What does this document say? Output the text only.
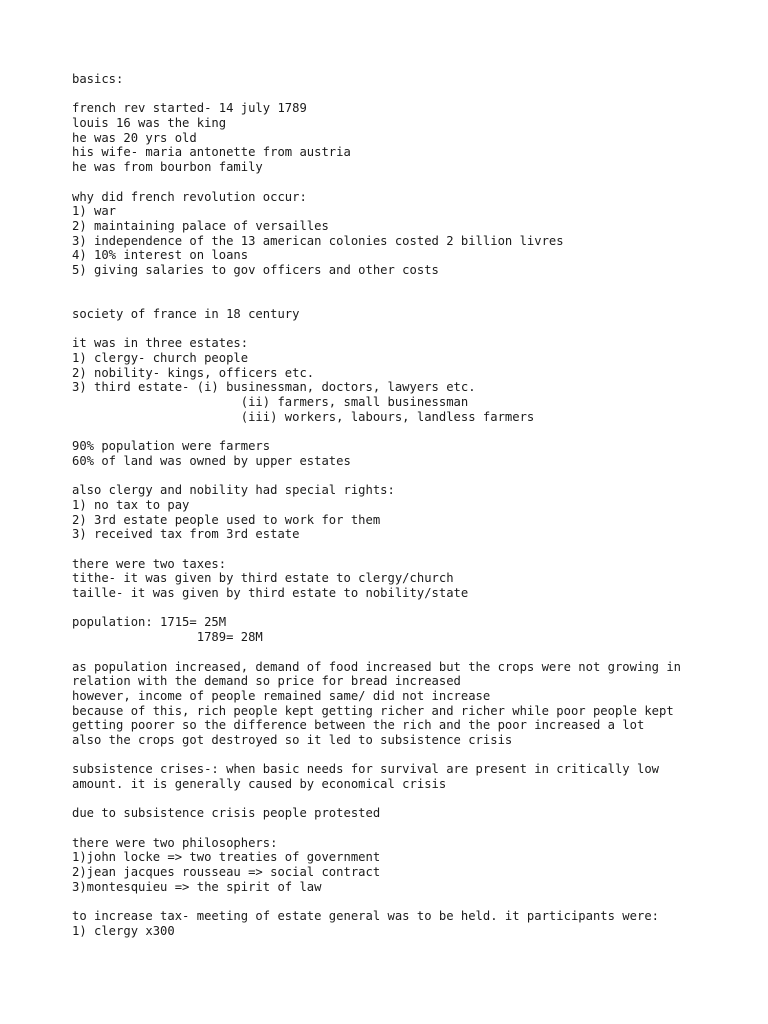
basics:
french rev started- 14 july 1789
louis 16 was the king
he was 20 yrs old
his wife- maria antonette from austria
he was from bourbon family
why did french revolution occur:
1) war
2) maintaining palace of versailles
3) independence of the 13 american colonies costed 2 billion livres
4) 10% interest on loans
5) giving salaries to gov officers and other costs
society of france in 18 century
it was in three estates:
1) clergy- church people
2) nobility- kings, officers etc.
3) third estate- (i) businessman, doctors, lawyers etc.
(ii) farmers, small businessman
(iii) workers, labours, landless farmers
90% population were farmers
60% of land was owned by upper estates
also clergy and nobility had special rights:
1) no tax to pay
2) 3rd estate people used to work for them
3) received tax from 3rd estate
there were two taxes:
tithe- it was given by third estate to clergy/church
taille- it was given by third estate to nobility/state
population: 1715= 25M
1789= 28M
as population increased, demand of food increased but the crops were not growing in
relation with the demand so price for bread increased
however, income of people remained same/ did not increase
because of this, rich people kept getting richer and richer while poor people kept
getting poorer so the difference between the rich and the poor increased a lot
also the crops got destroyed so it led to subsistence crisis
subsistence crises-: when basic needs for survival are present in critically low
amount. it is generally caused by economical crisis
due to subsistence crisis people protested
there were two philosophers:
1)john locke => two treaties of government
2)jean jacques rousseau => social contract
3)montesquieu => the spirit of law
to increase tax- meeting of estate general was to be held. it participants were:
1) clergy x300
